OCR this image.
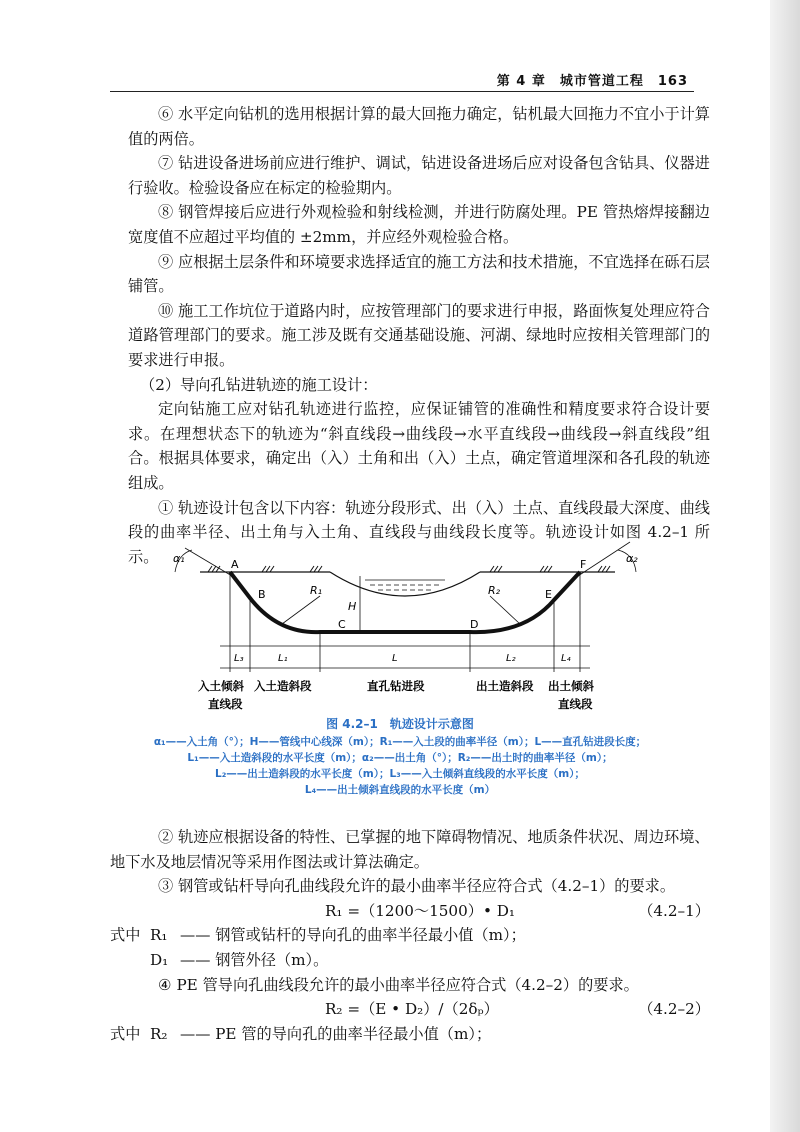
第 4 章　城市管道工程　163

⑥ 水平定向钻机的选用根据计算的最大回拖力确定，钻机最大回拖力不宜小于计算值的两倍。

⑦ 钻进设备进场前应进行维护、调试，钻进设备进场后应对设备包含钻具、仪器进行验收。检验设备应在标定的检验期内。

⑧ 钢管焊接后应进行外观检验和射线检测，并进行防腐处理。PE 管热熔焊接翻边宽度值不应超过平均值的 ±2mm，并应经外观检验合格。

⑨ 应根据土层条件和环境要求选择适宜的施工方法和技术措施，不宜选择在砾石层铺管。

⑩ 施工工作坑位于道路内时，应按管理部门的要求进行申报，路面恢复处理应符合道路管理部门的要求。施工涉及既有交通基础设施、河湖、绿地时应按相关管理部门的要求进行申报。

（2）导向孔钻进轨迹的施工设计：

定向钻施工应对钻孔轨迹进行监控，应保证铺管的准确性和精度要求符合设计要求。在理想状态下的轨迹为“斜直线段→曲线段→水平直线段→曲线段→斜直线段”组合。根据具体要求，确定出（入）土角和出（入）土点，确定管道埋深和各孔段的轨迹组成。

① 轨迹设计包含以下内容：轨迹分段形式、出（入）土点、直线段最大深度、曲线段的曲率半径、出土角与入土角、直线段与曲线段长度等。轨迹设计如图 4.2–1 所示。	A
B
C	D
E
F
α₁	α₂
H
R₁	R₂
L₃	L₁	L	L₂	L₄
入土倾斜
直线段
入土造斜段	直孔钻进段	出土造斜段 出土倾斜
直线段
图 4.2–1　轨迹设计示意图
α₁——入土角（°）；H——管线中心线深（m）；R₁——入土段的曲率半径（m）；L——直孔钻进段长度；
L₁——入土造斜段的水平长度（m）；α₂——出土角（°）；R₂——出土时的曲率半径（m）；
L₂——出土造斜段的水平长度（m）；L₃——入土倾斜直线段的水平长度（m）；
L₄——出土倾斜直线段的水平长度（m）

② 轨迹应根据设备的特性、已掌握的地下障碍物情况、地质条件状况、周边环境、地下水及地层情况等采用作图法或计算法确定。

③ 钢管或钻杆导向孔曲线段允许的最小曲率半径应符合式（4.2–1）的要求。

R₁ =（1200～1500）• D₁	（4.2–1）
式中 R₁ —— 钢管或钻杆的导向孔的曲率半径最小值（m）；
D₁ —— 钢管外径（m）。

④ PE 管导向孔曲线段允许的最小曲率半径应符合式（4.2–2）的要求。

R₂ =（E • D₂）/（2δₚ）	（4.2–2）
式中 R₂ —— PE 管的导向孔的曲率半径最小值（m）；
